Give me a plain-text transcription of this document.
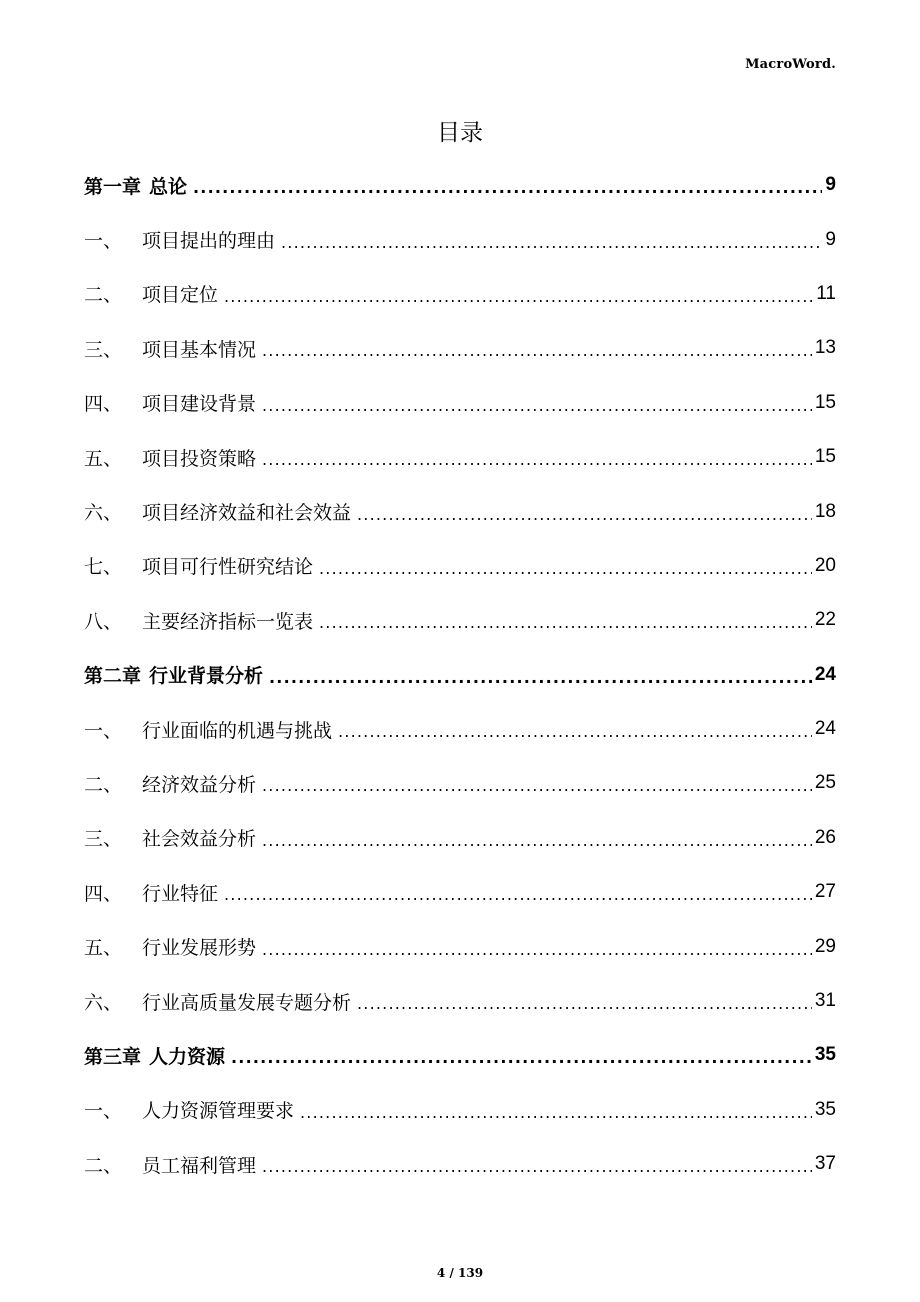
MacroWord.
目录
第一章 总论 .....	9
一、	项目提出的理由 .....	9
二、	项目定位 .....	11
三、	项目基本情况 .....	13
四、	项目建设背景 .....	15
五、	项目投资策略 .....	15
六、	项目经济效益和社会效益 .....	18
七、	项目可行性研究结论 .....	20
八、	主要经济指标一览表 .....	22
第二章 行业背景分析 .....	24
一、	行业面临的机遇与挑战 .....	24
二、	经济效益分析 .....	25
三、	社会效益分析 .....	26
四、	行业特征 .....	27
五、	行业发展形势 .....	29
六、	行业高质量发展专题分析 .....	31
第三章 人力资源 .....	35
一、	人力资源管理要求 .....	35
二、	员工福利管理 .....	37
4 / 139
